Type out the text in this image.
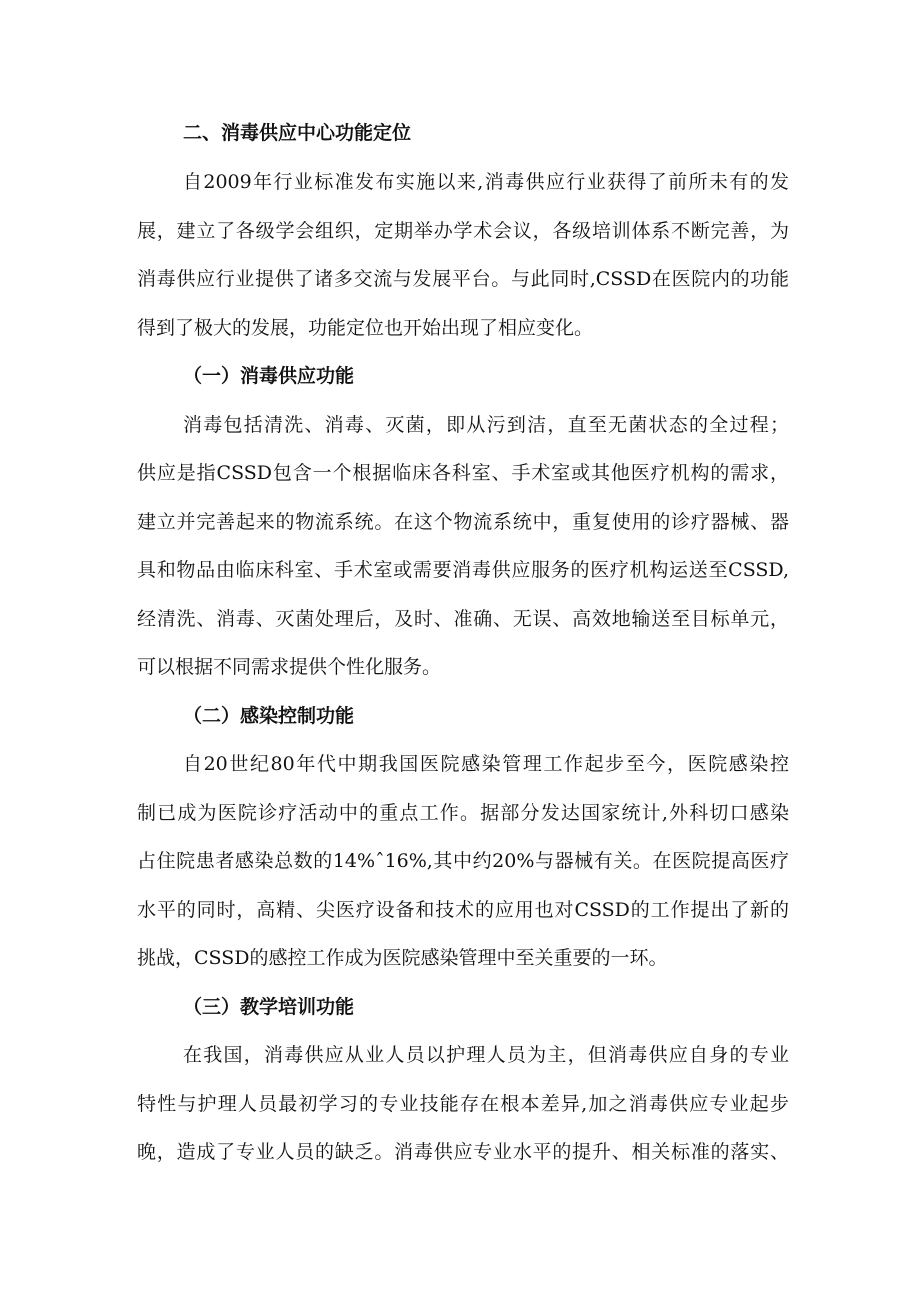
二、消毒供应中心功能定位
自2009年行业标准发布实施以来,消毒供应行业获得了前所未有的发
展，建立了各级学会组织，定期举办学术会议，各级培训体系不断完善，为
消毒供应行业提供了诸多交流与发展平台。与此同时,CSSD在医院内的功能
得到了极大的发展，功能定位也开始出现了相应变化。
（一）消毒供应功能
消毒包括清洗、消毒、灭菌，即从污到洁，直至无菌状态的全过程；
供应是指CSSD包含一个根据临床各科室、手术室或其他医疗机构的需求，
建立并完善起来的物流系统。在这个物流系统中，重复使用的诊疗器械、器
具和物品由临床科室、手术室或需要消毒供应服务的医疗机构运送至CSSD,
经清洗、消毒、灭菌处理后，及时、准确、无误、高效地输送至目标单元，
可以根据不同需求提供个性化服务。
（二）感染控制功能
自20世纪80年代中期我国医院感染管理工作起步至今，医院感染控
制已成为医院诊疗活动中的重点工作。据部分发达国家统计,外科切口感染
占住院患者感染总数的14%ˆ16%,其中约20%与器械有关。在医院提高医疗
水平的同时，高精、尖医疗设备和技术的应用也对CSSD的工作提出了新的
挑战，CSSD的感控工作成为医院感染管理中至关重要的一环。
（三）教学培训功能
在我国，消毒供应从业人员以护理人员为主，但消毒供应自身的专业
特性与护理人员最初学习的专业技能存在根本差异,加之消毒供应专业起步
晚，造成了专业人员的缺乏。消毒供应专业水平的提升、相关标准的落实、
